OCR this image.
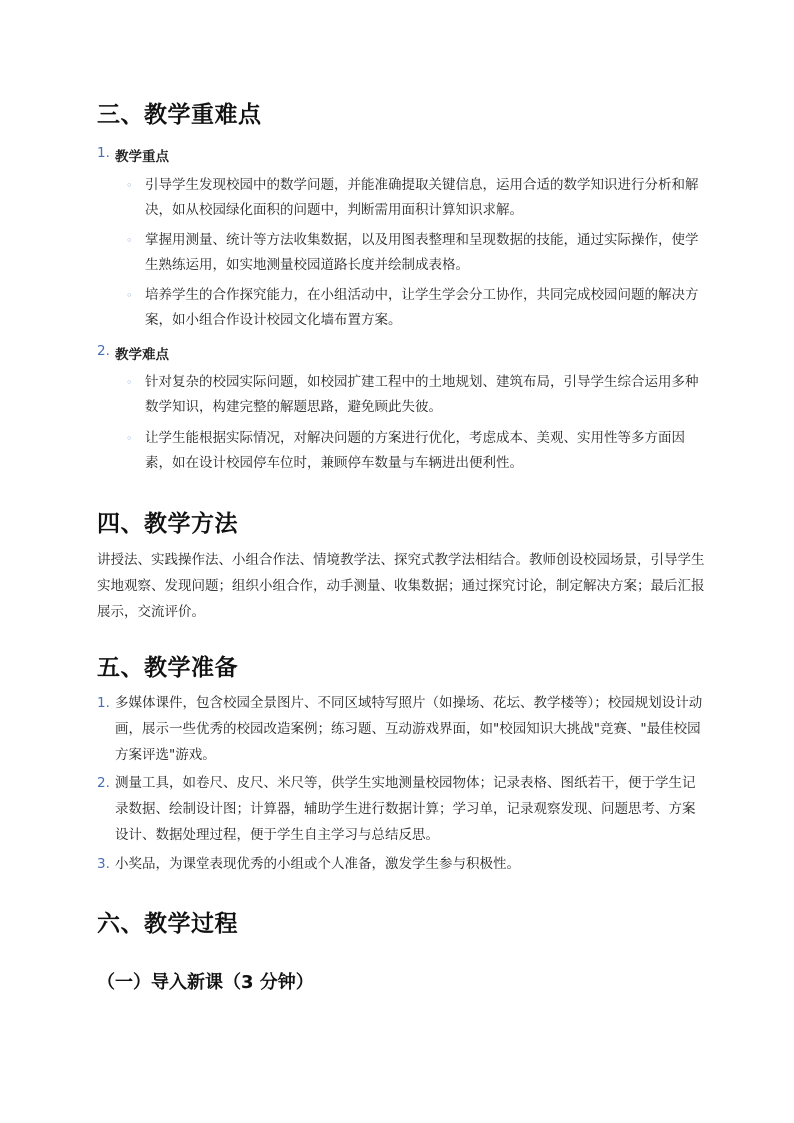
三、教学重难点
1. 教学重点
◦ 引导学生发现校园中的数学问题，并能准确提取关键信息，运用合适的数学知识进行分析和解决，如从校园绿化面积的问题中，判断需用面积计算知识求解。
◦ 掌握用测量、统计等方法收集数据，以及用图表整理和呈现数据的技能，通过实际操作，使学生熟练运用，如实地测量校园道路长度并绘制成表格。
◦ 培养学生的合作探究能力，在小组活动中，让学生学会分工协作，共同完成校园问题的解决方案，如小组合作设计校园文化墙布置方案。
2. 教学难点
◦ 针对复杂的校园实际问题，如校园扩建工程中的土地规划、建筑布局，引导学生综合运用多种数学知识，构建完整的解题思路，避免顾此失彼。
◦ 让学生能根据实际情况，对解决问题的方案进行优化，考虑成本、美观、实用性等多方面因素，如在设计校园停车位时，兼顾停车数量与车辆进出便利性。
四、教学方法
讲授法、实践操作法、小组合作法、情境教学法、探究式教学法相结合。教师创设校园场景，引导学生实地观察、发现问题；组织小组合作，动手测量、收集数据；通过探究讨论，制定解决方案；最后汇报展示，交流评价。
五、教学准备
1. 多媒体课件，包含校园全景图片、不同区域特写照片（如操场、花坛、教学楼等）；校园规划设计动画，展示一些优秀的校园改造案例；练习题、互动游戏界面，如"校园知识大挑战"竞赛、"最佳校园方案评选"游戏。
2. 测量工具，如卷尺、皮尺、米尺等，供学生实地测量校园物体；记录表格、图纸若干，便于学生记录数据、绘制设计图；计算器，辅助学生进行数据计算；学习单，记录观察发现、问题思考、方案设计、数据处理过程，便于学生自主学习与总结反思。
3. 小奖品，为课堂表现优秀的小组或个人准备，激发学生参与积极性。
六、教学过程
（一）导入新课（3 分钟）
